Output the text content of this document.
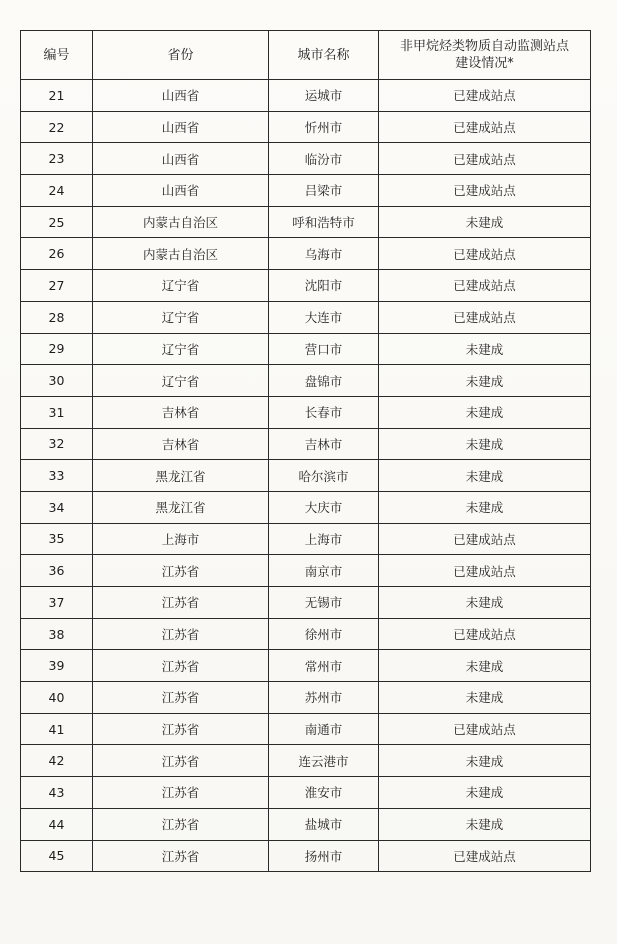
编号	省份	城市名称	非甲烷烃类物质自动监测站点
建设情况*
21	山西省	运城市	已建成站点
22	山西省	忻州市	已建成站点
23	山西省	临汾市	已建成站点
24	山西省	吕梁市	已建成站点
25	内蒙古自治区	呼和浩特市	未建成
26	内蒙古自治区	乌海市	已建成站点
27	辽宁省	沈阳市	已建成站点
28	辽宁省	大连市	已建成站点
29	辽宁省	营口市	未建成
30	辽宁省	盘锦市	未建成
31	吉林省	长春市	未建成
32	吉林省	吉林市	未建成
33	黑龙江省	哈尔滨市	未建成
34	黑龙江省	大庆市	未建成
35	上海市	上海市	已建成站点
36	江苏省	南京市	已建成站点
37	江苏省	无锡市	未建成
38	江苏省	徐州市	已建成站点
39	江苏省	常州市	未建成
40	江苏省	苏州市	未建成
41	江苏省	南通市	已建成站点
42	江苏省	连云港市	未建成
43	江苏省	淮安市	未建成
44	江苏省	盐城市	未建成
45	江苏省	扬州市	已建成站点
